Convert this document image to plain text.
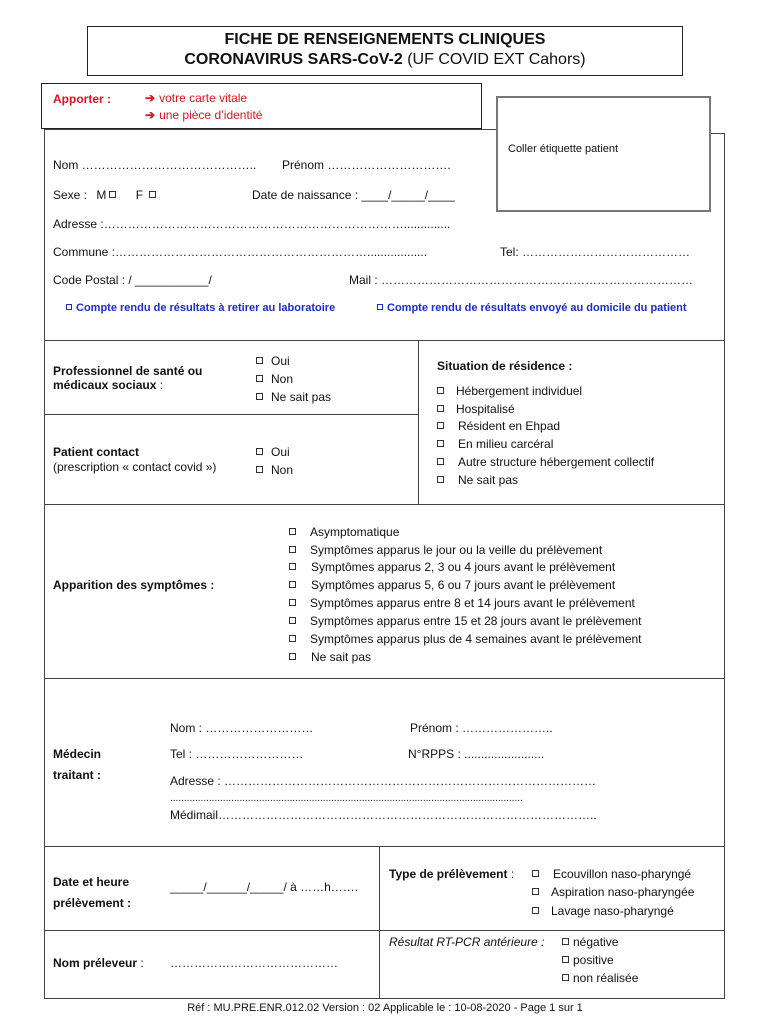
FICHE DE RENSEIGNEMENTS CLINIQUES
CORONAVIRUS SARS-CoV-2 (UF COVID EXT Cahors)
Apporter :	➔ votre carte vitale
➔ une pièce d’identité
Coller étiquette patient
Nom …………………………………….. Prénom ………………………….
Sexe : M F	Date de naissance : ____/_____/____
Adresse :…………………………………………………………………..............
Commune :………………………………………………………..................	Tel: ……………………………………
Code Postal : / ___________/	Mail : ……………………………………………………………………
Compte rendu de résultats à retirer au laboratoire	Compte rendu de résultats envoyé au domicile du patient
Professionnel de santé ou
médicaux sociaux :
Oui
Non
Ne sait pas
Patient contact
(prescription « contact covid »)
Oui
Non
Situation de résidence :
Hébergement individuel
Hospitalisé
Résident en Ehpad
En milieu carcéral
Autre structure hébergement collectif
Ne sait pas
Apparition des symptômes :
Asymptomatique
Symptômes apparus le jour ou la veille du prélèvement
Symptômes apparus 2, 3 ou 4 jours avant le prélèvement
Symptômes apparus 5, 6 ou 7 jours avant le prélèvement
Symptômes apparus entre 8 et 14 jours avant le prélèvement
Symptômes apparus entre 15 et 28 jours avant le prélèvement
Symptômes apparus plus de 4 semaines avant le prélèvement
Ne sait pas
Médecin
traitant :
Nom : ………………………	Prénom : …………………..
Tel : ………………………	N°RPPS : ........................
Adresse : …………………………………………………………………………………
...............................................................................................................................
Médimail…………………………………………………………………………………..
Date et heure
prélèvement :
_____/______/_____/ à ……h…….
Type de prélèvement :	Ecouvillon naso-pharyngé
Aspiration naso-pharyngée
Lavage naso-pharyngé
Nom préleveur : ……………………………………
Résultat RT-PCR antérieure :	négative
positive
non réalisée
Réf : MU.PRE.ENR.012.02 Version : 02 Applicable le : 10-08-2020 - Page 1 sur 1
